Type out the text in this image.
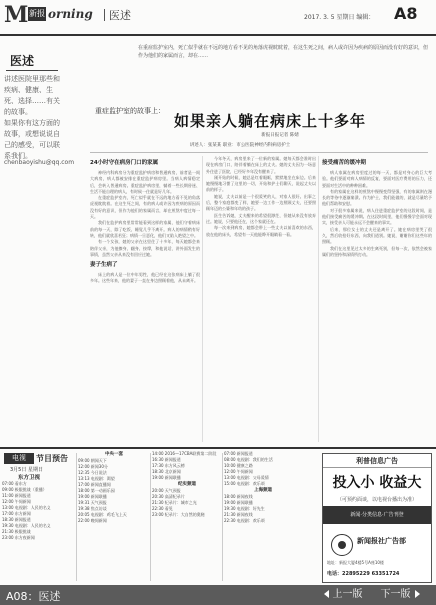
M 新报 orning 医述	2017. 3. 5 星期日 编辑： A8
医述
讲述医院里那些和疾病、健康、生死、选择……有关的故事。
如果你有这方面的故事，或想说说自己的感受，可以联系我们。
chenbaoyishu@qq.com
在重症监护室内，死亡似乎就在不远的地方看不见的角落虎视眈眈着，在这生死之间，病人或许因为疾病的原因而没有好的意识，但作为他们的家属而言，却在……
重症监护室的故事上：
如果亲人躺在病床上十多年
新报日报记者 陈婧
讲述人：张某某 职业：市公医院神经内科病房护士
24小时守在病房门口的家属

神经内科病房分为重症监护病房和普通病房，前者是一间大病房，病人都被安排在重症监护病房里。当病人病情稳定后，会转入普通病房。重症监护病房里，躺着一些长期昏迷、生活不能自理的病人，有时候一住就是好几年。

在重症监护室内，死亡似乎就在不远的地方看不见的角落虎视眈眈着。在这生死之间，有的病人或许因为疾病的原因而没有好的意识，但作为他们的家属而言，却在煎熬中度过每一天。

我们在监护病房里常常能看到这样的家属，他们守着病床前的每一天，除了吃饭、睡觉几乎不离开。病人的病情稍有好转，他们就欣喜若狂；病情一旦恶化，他们又陷入绝望之中。

有一个女孩，她的父亲在这里住了十多年，每天她都会来陪伴父亲，为他擦身、翻身、按摩，和他说话，讲外面发生的事情，虽然父亲从来没有回应过她。

妻子生病了

床上的病人是一位中年男性，他已经在这张病床上躺了很多年。这些年来，他的妻子一直在身边照顾着他，从未离开。

今年冬天，病房里来了一位新的家属。她每天都会准时出现在病房门口，陪伴着躺在床上的丈夫。她的丈夫因为一场意外住进了医院，已经好多年没有醒来了。

刚开始的时候，她总是红着眼眶，默默地坐在床边。后来她慢慢地习惯了这里的一切，开始和护士们聊天，说起丈夫以前的样子。

她说，丈夫以前是一个很爱笑的人，对家人很好。出事之后，整个家庭都变了样，她要一边工作一边照顾丈夫，还要照顾年迈的公婆和年幼的孩子。

医生告诉她，丈夫醒来的希望很渺茫，但她从来没有放弃过。她说，只要他还在，这个家就还在。

每一次来到病房，她都会带上一些丈夫以前喜欢的东西，放在他的床头，希望有一天他能睁开眼睛看一看。

接受痛苦的缓冲期

病人家属在病房里度过的每一天，都是对身心的巨大考验。他们要面对病人病情的反复，要面对医疗费用的压力，还要面对生活中的种种困难。

有的家属在这样的煎熬中慢慢变得坚强，有的家属则在漫长的等待中逐渐崩溃。作为护士，我们能做的，就是尽量给予他们帮助和安慰。

对于很多家属来说，病人住进重症监护室的这段时间，是他们接受痛苦的缓冲期。在这段时间里，他们慢慢学会面对现实，接受亲人可能永远不会醒来的事实。

后来，那位女士的丈夫还是离开了。她在病房里哭了很久，然后收拾好东西，向我们道别。她说，谢谢你们这些年的照顾。

我们在这里见过太多的生离死别，但每一次，依然会被家属们的坚持和深情所打动。

电视	节目预告
3月5日 星期日
东方卫视
07:00 看东方
09:00 极限挑战（重播）
11:00 新闻报道
12:00 午间新闻
13:00 电视剧：人民的名义
17:00 东方新闻
18:30 新闻报道
19:30 电视剧：人民的名义
21:30 极限挑战
23:00 东方夜新闻
中央一套
09:00 朝闻天下
12:00 新闻30分
12:35 今日说法
13:13 电视剧：渴望
17:00 新闻直播间
18:00 第一动画乐园
19:00 新闻联播
19:31 天气预报
19:38 焦点访谈
20:05 电视剧：鸡毛飞上天
22:00 晚间新闻
14:00 2016—17CBA联赛第二阶段
16:30 新闻报道
17:30 东方风云榜
18:30 北京新闻
19:00 新闻联播
纪实频道
20:00 天气预报
20:30 高清纪录片
21:30 纪录片：城市之光
22:30 看见
23:00 纪录片：大自然的奥秘
07:00 新闻报道
08:00 电视剧：我们的生活
10:00 健康之路
12:00 午间新闻
13:00 电视剧：父母爱情
15:00 电视剧：欢乐颂
上海频道
18:00 新闻夜线
19:00 新闻联播
19:30 电视剧：好先生
21:30 新闻夜线
22:30 电视剧：欢乐颂
利普信息广告
投入小 收益大
（可预约面谈，以电视台播出为准）
新闻·分类信息·广告刊登
新闻报社广告部
地址：新报大厦4楼5号A座10楼
电话：22895229 63351724
A08：医述	上一版	下一版
